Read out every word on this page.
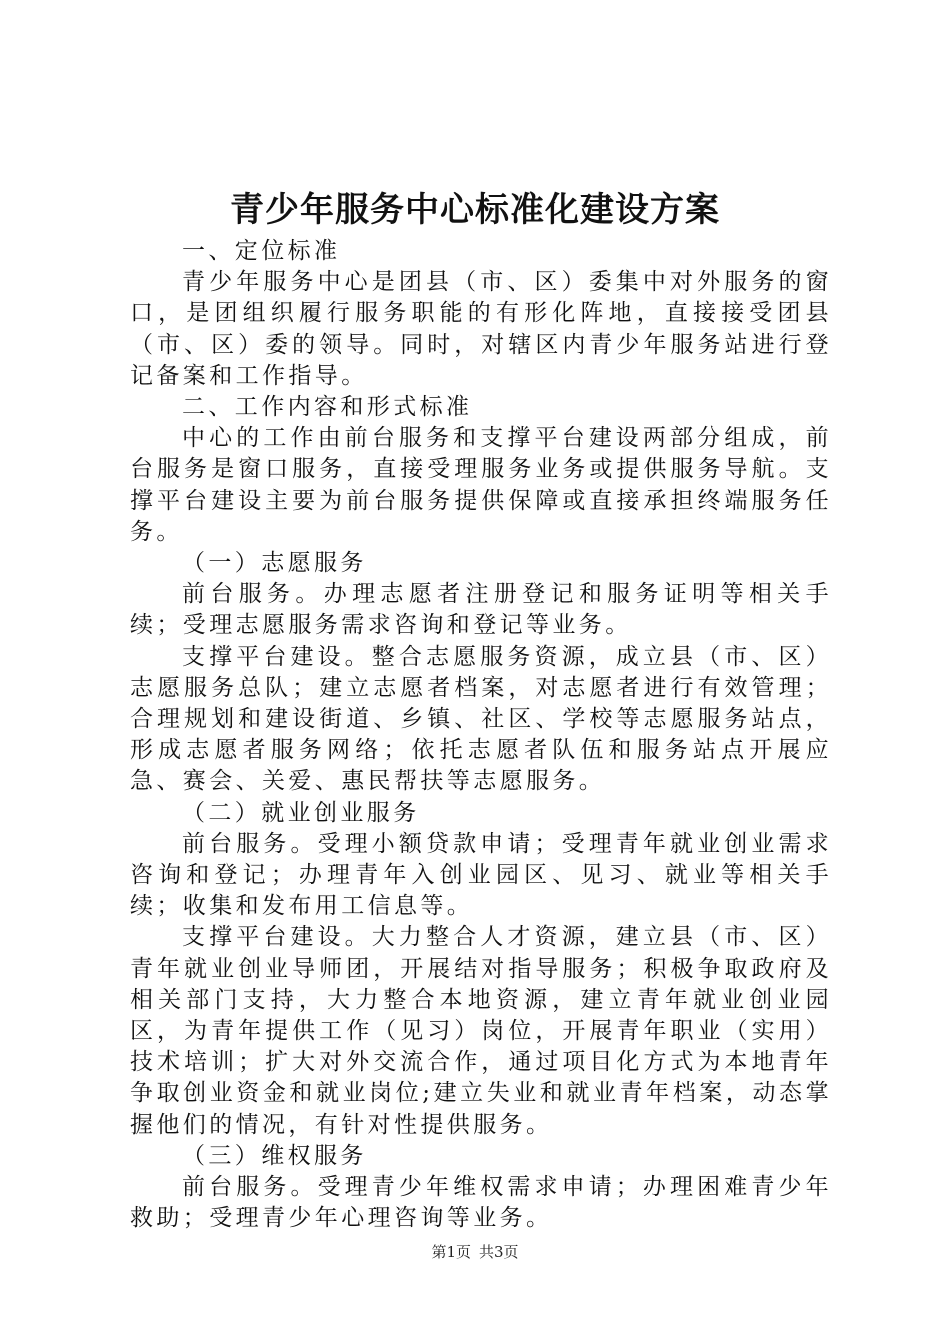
青少年服务中心标准化建设方案

一、定位标准

青少年服务中心是团县（市、区）委集中对外服务的窗口，是团组织履行服务职能的有形化阵地，直接接受团县（市、区）委的领导。同时，对辖区内青少年服务站进行登记备案和工作指导。

二、工作内容和形式标准

中心的工作由前台服务和支撑平台建设两部分组成，前台服务是窗口服务，直接受理服务业务或提供服务导航。支撑平台建设主要为前台服务提供保障或直接承担终端服务任务。

（一）志愿服务

前台服务。办理志愿者注册登记和服务证明等相关手续；受理志愿服务需求咨询和登记等业务。

支撑平台建设。整合志愿服务资源，成立县（市、区）志愿服务总队；建立志愿者档案，对志愿者进行有效管理；合理规划和建设街道、乡镇、社区、学校等志愿服务站点，形成志愿者服务网络；依托志愿者队伍和服务站点开展应急、赛会、关爱、惠民帮扶等志愿服务。

（二）就业创业服务

前台服务。受理小额贷款申请；受理青年就业创业需求咨询和登记；办理青年入创业园区、见习、就业等相关手续；收集和发布用工信息等。

支撑平台建设。大力整合人才资源，建立县（市、区）青年就业创业导师团，开展结对指导服务；积极争取政府及相关部门支持，大力整合本地资源，建立青年就业创业园区，为青年提供工作（见习）岗位，开展青年职业（实用）技术培训；扩大对外交流合作，通过项目化方式为本地青年争取创业资金和就业岗位;建立失业和就业青年档案，动态掌握他们的情况，有针对性提供服务。

（三）维权服务

前台服务。受理青少年维权需求申请；办理困难青少年救助；受理青少年心理咨询等业务。

第1页 共3页
